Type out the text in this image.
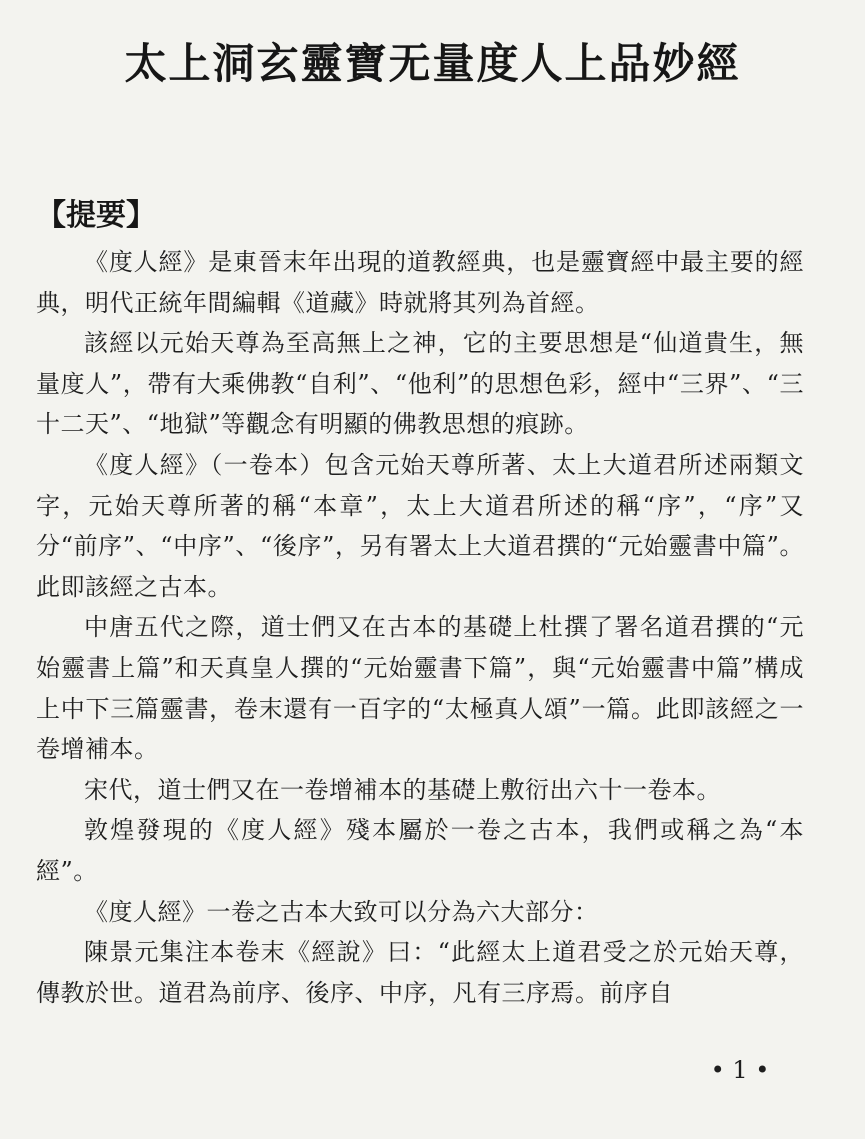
太上洞玄靈寶无量度人上品妙經
【提要】

《度人經》是東晉末年出現的道教經典，也是靈寶經中最主要的經典，明代正統年間編輯《道藏》時就將其列為首經。

該經以元始天尊為至高無上之神，它的主要思想是“仙道貴生，無量度人”，帶有大乘佛教“自利”、“他利”的思想色彩，經中“三界”、“三十二天”、“地獄”等觀念有明顯的佛教思想的痕跡。

《度人經》（一卷本）包含元始天尊所著、太上大道君所述兩類文字，元始天尊所著的稱“本章”，太上大道君所述的稱“序”，“序”又分“前序”、“中序”、“後序”，另有署太上大道君撰的“元始靈書中篇”。此即該經之古本。

中唐五代之際，道士們又在古本的基礎上杜撰了署名道君撰的“元始靈書上篇”和天真皇人撰的“元始靈書下篇”，與“元始靈書中篇”構成上中下三篇靈書，卷末還有一百字的“太極真人頌”一篇。此即該經之一卷增補本。

宋代，道士們又在一卷增補本的基礎上敷衍出六十一卷本。

敦煌發現的《度人經》殘本屬於一卷之古本，我們或稱之為“本經”。

《度人經》一卷之古本大致可以分為六大部分：

陳景元集注本卷末《經說》曰：“此經太上道君受之於元始天尊，傳教於世。道君為前序、後序、中序，凡有三序焉。前序自

• 1 •
